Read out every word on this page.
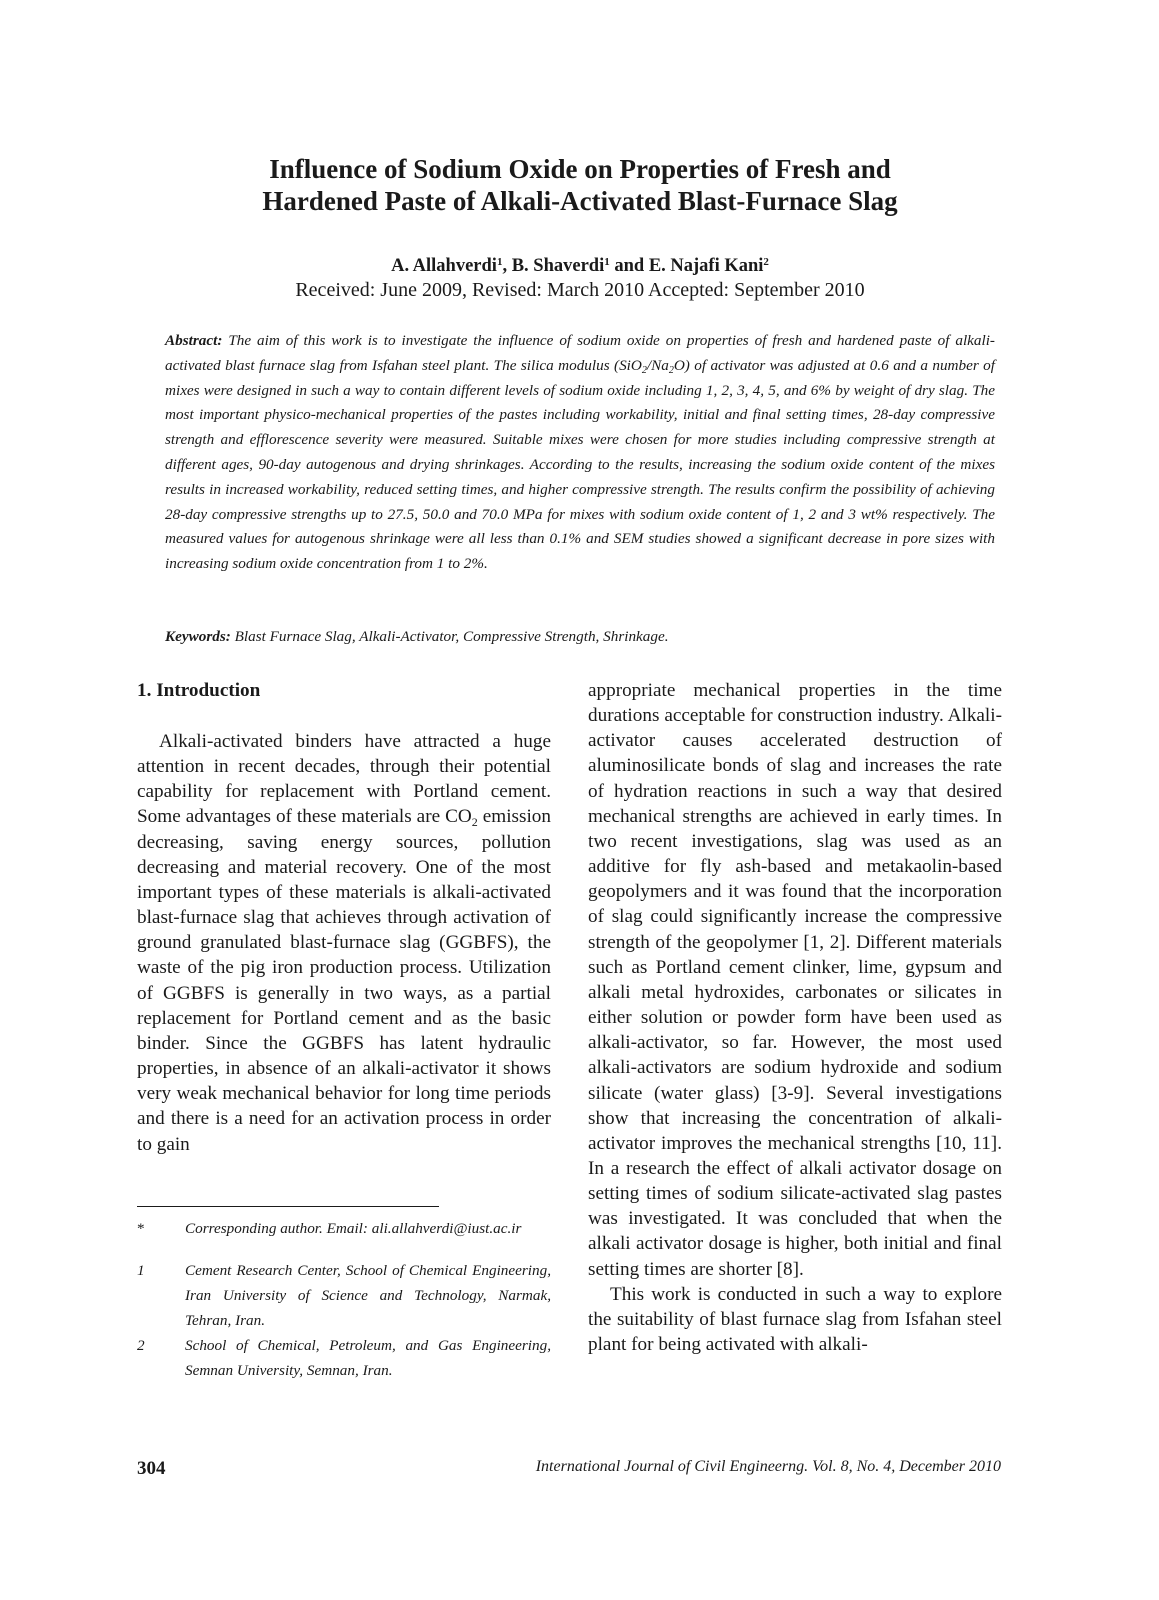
Influence of Sodium Oxide on Properties of Fresh and
Hardened Paste of Alkali-Activated Blast-Furnace Slag
A. Allahverdi$^1$, B. Shaverdi$^1$ and E. Najafi Kani$^2$
Received: June 2009, Revised: March 2010 Accepted: September 2010

Abstract: The aim of this work is to investigate the influence of sodium oxide on properties of fresh and hardened paste of alkali-activated blast furnace slag from Isfahan steel plant. The silica modulus $(SiO_2/Na_2O)$ of activator was adjusted at 0.6 and a number of mixes were designed in such a way to contain different levels of sodium oxide including 1, 2, 3, 4, 5, and 6% by weight of dry slag. The most important physico-mechanical properties of the pastes including workability, initial and final setting times, 28-day compressive strength and efflorescence severity were measured. Suitable mixes were chosen for more studies including compressive strength at different ages, 90-day autogenous and drying shrinkages. According to the results, increasing the sodium oxide content of the mixes results in increased workability, reduced setting times, and higher compressive strength. The results confirm the possibility of achieving 28-day compressive strengths up to 27.5, 50.0 and 70.0 MPa for mixes with sodium oxide content of 1, 2 and 3 wt% respectively. The measured values for autogenous shrinkage were all less than 0.1% and SEM studies showed a significant decrease in pore sizes with increasing sodium oxide concentration from 1 to 2%.

Keywords: Blast Furnace Slag, Alkali-Activator, Compressive Strength, Shrinkage.

1. Introduction

Alkali-activated binders have attracted a huge attention in recent decades, through their potential capability for replacement with Portland cement. Some advantages of these materials are $CO_2$ emission decreasing, saving energy sources, pollution decreasing and material recovery. One of the most important types of these materials is alkali-activated blast-furnace slag that achieves through activation of ground granulated blast-furnace slag (GGBFS), the waste of the pig iron production process. Utilization of GGBFS is generally in two ways, as a partial replacement for Portland cement and as the basic binder. Since the GGBFS has latent hydraulic properties, in absence of an alkali-activator it shows very weak mechanical behavior for long time periods and there is a need for an activation process in order to gain

*	Corresponding author. Email: ali.allahverdi@iust.ac.ir
1	Cement Research Center, School of Chemical Engineering, Iran University of Science and Technology, Narmak, Tehran, Iran.
2	School of Chemical, Petroleum, and Gas Engineering, Semnan University, Semnan, Iran.

appropriate mechanical properties in the time durations acceptable for construction industry. Alkali-activator causes accelerated destruction of aluminosilicate bonds of slag and increases the rate of hydration reactions in such a way that desired mechanical strengths are achieved in early times. In two recent investigations, slag was used as an additive for fly ash-based and metakaolin-based geopolymers and it was found that the incorporation of slag could significantly increase the compressive strength of the geopolymer [1, 2]. Different materials such as Portland cement clinker, lime, gypsum and alkali metal hydroxides, carbonates or silicates in either solution or powder form have been used as alkali-activator, so far. However, the most used alkali-activators are sodium hydroxide and sodium silicate (water glass) [3-9]. Several investigations show that increasing the concentration of alkali-activator improves the mechanical strengths [10, 11]. In a research the effect of alkali activator dosage on setting times of sodium silicate-activated slag pastes was investigated. It was concluded that when the alkali activator dosage is higher, both initial and final setting times are shorter [8].

This work is conducted in such a way to explore the suitability of blast furnace slag from Isfahan steel plant for being activated with alkali-

304	International Journal of Civil Engineerng. Vol. 8, No. 4, December 2010
